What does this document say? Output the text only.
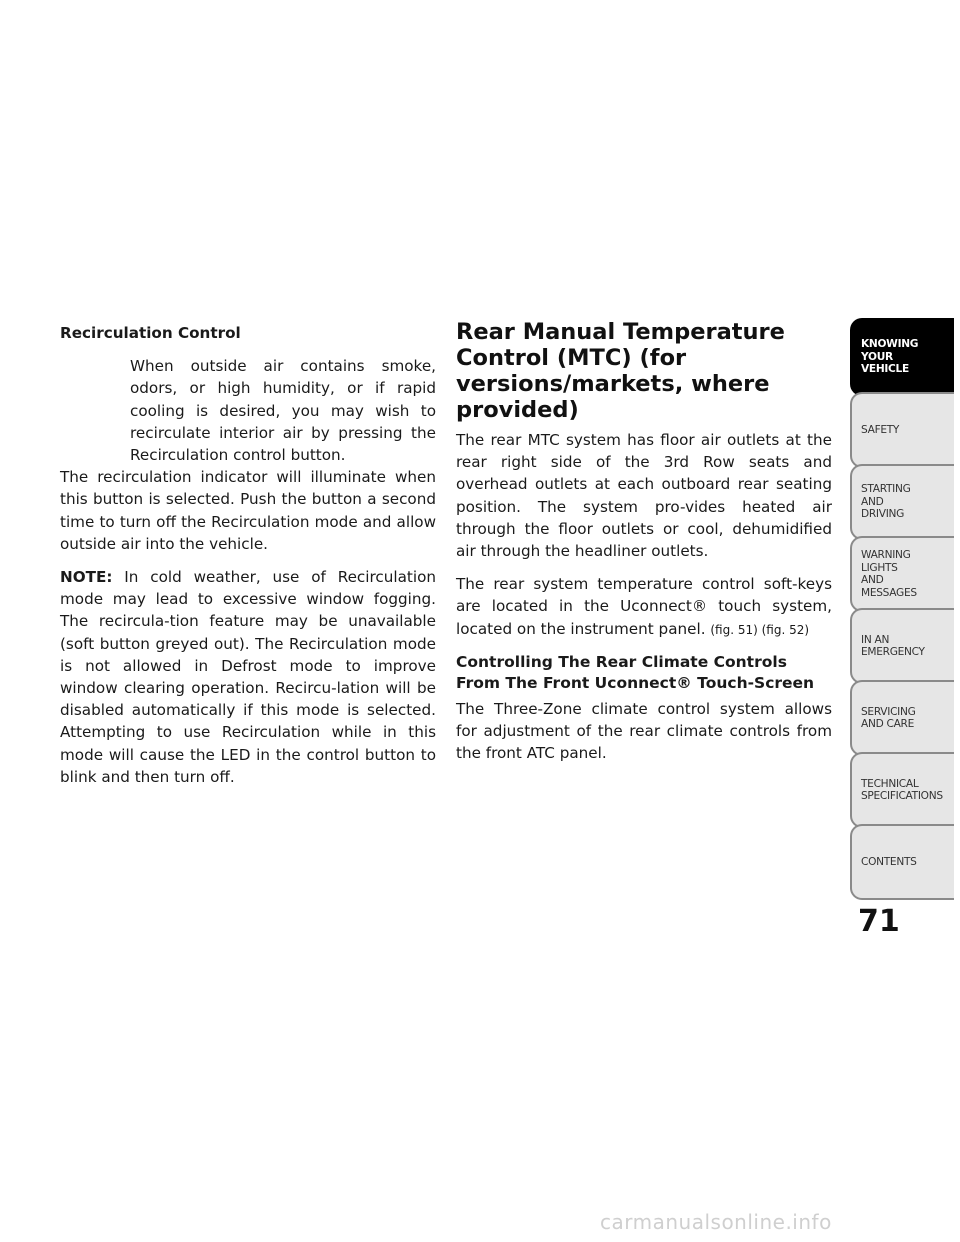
Recirculation Control

When outside air contains smoke, odors, or high humidity, or if rapid cooling is desired, you may wish to recirculate interior air by pressing the Recirculation control button.

The recirculation indicator will illuminate when this button is selected. Push the button a second time to turn off the Recirculation mode and allow outside air into the vehicle.

NOTE: In cold weather, use of Recirculation mode may lead to excessive window fogging. The recircula-tion feature may be unavailable (soft button greyed out). The Recirculation mode is not allowed in Defrost mode to improve window clearing operation. Recircu-lation will be disabled automatically if this mode is selected. Attempting to use Recirculation while in this mode will cause the LED in the control button to blink and then turn off.

Rear Manual Temperature Control (MTC) (for versions/markets, where provided)

The rear MTC system has floor air outlets at the rear right side of the 3rd Row seats and overhead outlets at each outboard rear seating position. The system pro-vides heated air through the floor outlets or cool, dehumidified air through the headliner outlets.

The rear system temperature control soft-keys are located in the Uconnect® touch system, located on the instrument panel. (fig. 51) (fig. 52)

Controlling The Rear Climate Controls From The Front Uconnect® Touch-Screen

The Three-Zone climate control system allows for adjustment of the rear climate controls from the front ATC panel.

KNOWING
YOUR
VEHICLE
SAFETY
STARTING
AND
DRIVING
WARNING
LIGHTS
AND
MESSAGES
IN AN
EMERGENCY
SERVICING
AND CARE
TECHNICAL
SPECIFICATIONS
CONTENTS
71
carmanualsonline.info
